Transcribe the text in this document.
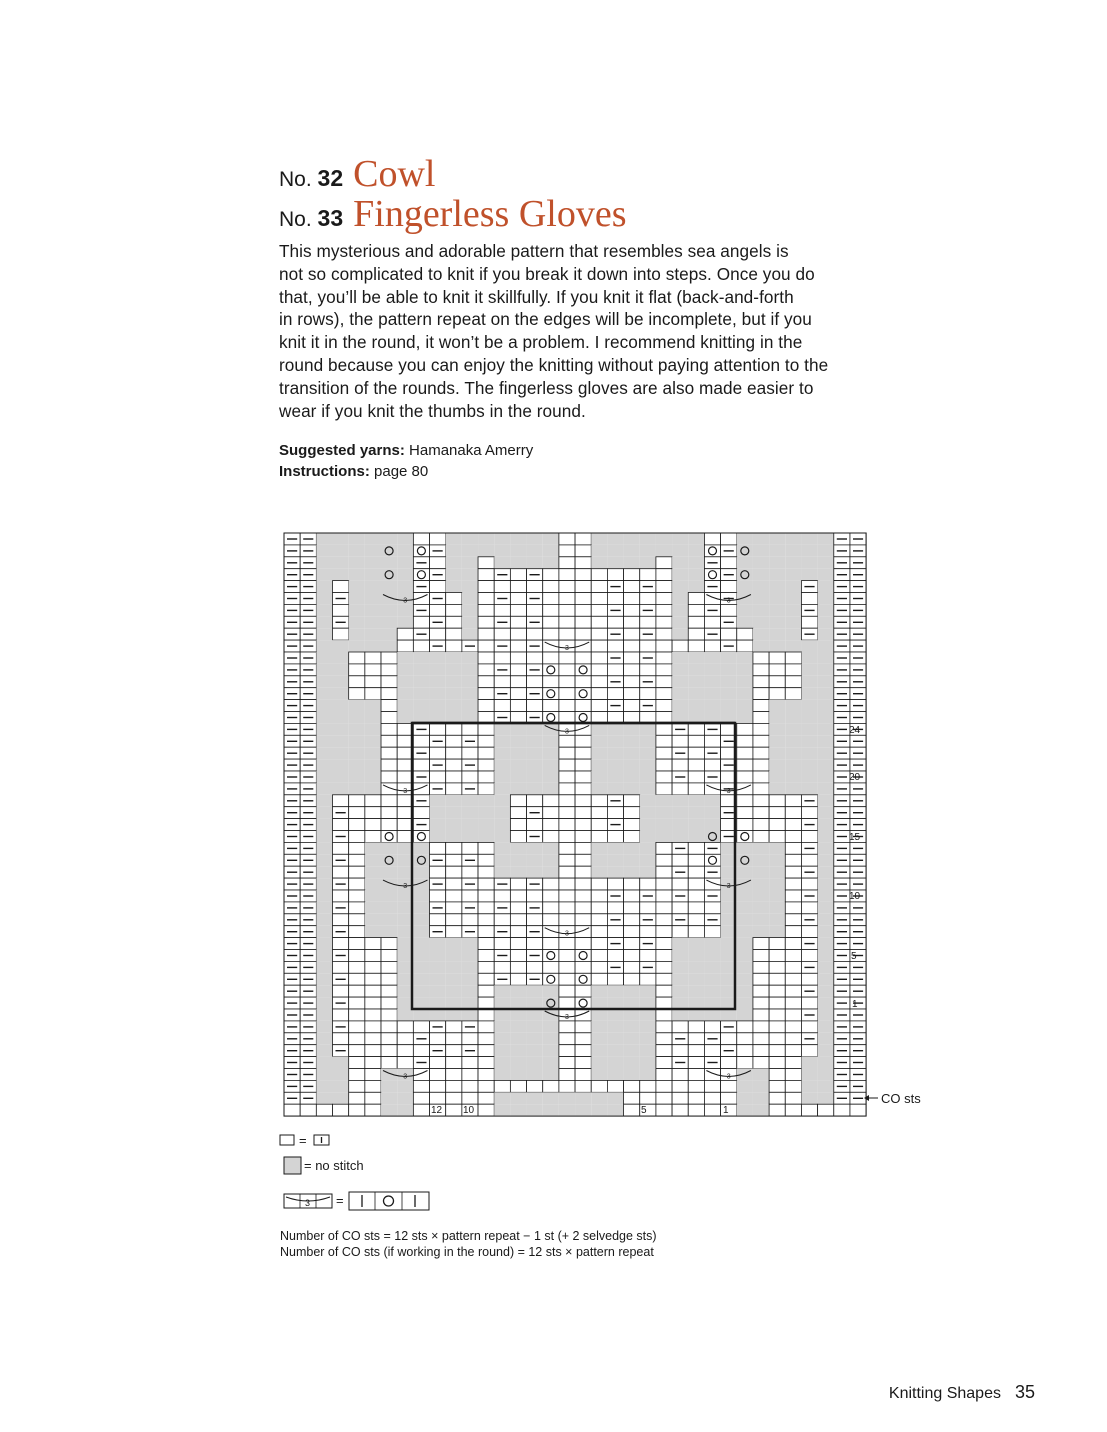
No. 32 Cowl
No. 33 Fingerless Gloves
This mysterious and adorable pattern that resembles sea angels is
not so complicated to knit if you break it down into steps. Once you do
that, you’ll be able to knit it skillfully. If you knit it flat (back-and-forth
in rows), the pattern repeat on the edges will be incomplete, but if you
knit it in the round, it won’t be a problem. I recommend knitting in the
round because you can enjoy the knitting without paying attention to the
transition of the rounds. The fingerless gloves are also made easier to
wear if you knit the thumbs in the round.
Suggested yarns: Hamanaka Amerry
Instructions: page 80
3	3
3
3
3	3
3	3
3
3
3	3
24
20
15
10
5
1
12 10	5	1
CO sts
=
= no stitch
3 =
Number of CO sts = 12 sts × pattern repeat − 1 st (+ 2 selvedge sts)
Number of CO sts (if working in the round) = 12 sts × pattern repeat
Knitting Shapes 35
